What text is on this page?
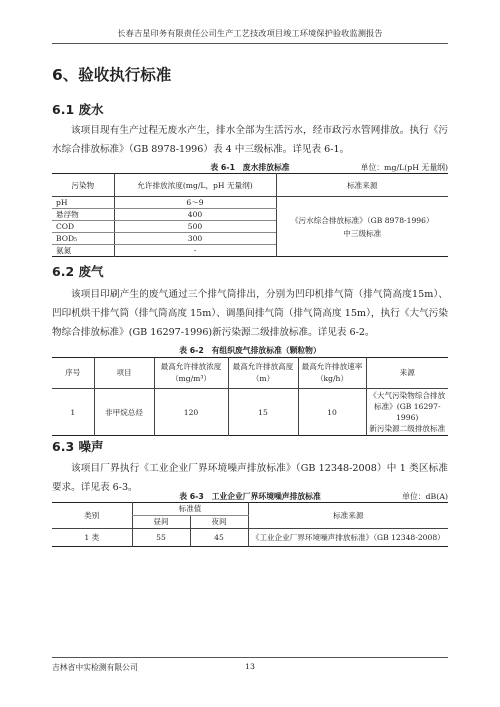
长春吉星印务有限责任公司生产工艺技改项目竣工环境保护验收监测报告
6、验收执行标准
6.1 废水
该项目现有生产过程无废水产生，排水全部为生活污水，经市政污水管网排放。执行《污水综合排放标准》（GB 8978-1996）表 4 中三级标准。详见表 6-1。
表 6-1　废水排放标准	单位：mg/L(pH 无量纲)
污染物	允许排放浓度(mg/L，pH 无量纲)	标准来源
pH	6～9	《污水综合排放标准》（GB 8978-1996）
中三级标准

悬浮物	400	
COD	500	
BOD₅	300	
氨氮	-	
6.2 废气
该项目印刷产生的废气通过三个排气筒排出，分别为凹印机排气筒（排气筒高度15m）、凹印机烘干排气筒（排气筒高度 15m）、调墨间排气筒（排气筒高度 15m），执行《大气污染物综合排放标准》(GB 16297-1996)新污染源二级排放标准。详见表 6-2。
表 6-2　有组织废气排放标准（颗粒物）
序号	项目	最高允许排放浓度（mg/m³）	最高允许排放高度（m）	最高允许排放速率（kg/h）	来源
1	非甲烷总烃	120	15	10	《大气污染物综合排放
标准》(GB 16297-1996)
新污染源二级排放标准
6.3 噪声
该项目厂界执行《工业企业厂界环境噪声排放标准》（GB 12348-2008）中 1 类区标准要求。详见表 6-3。
表 6-3　工业企业厂界环境噪声排放标准	单位：dB(A)
类别	标准值		标准来源
	昼间	夜间	
1 类	55	45	《工业企业厂界环境噪声排放标准》（GB 12348-2008）
吉林省中实检测有限公司	13
